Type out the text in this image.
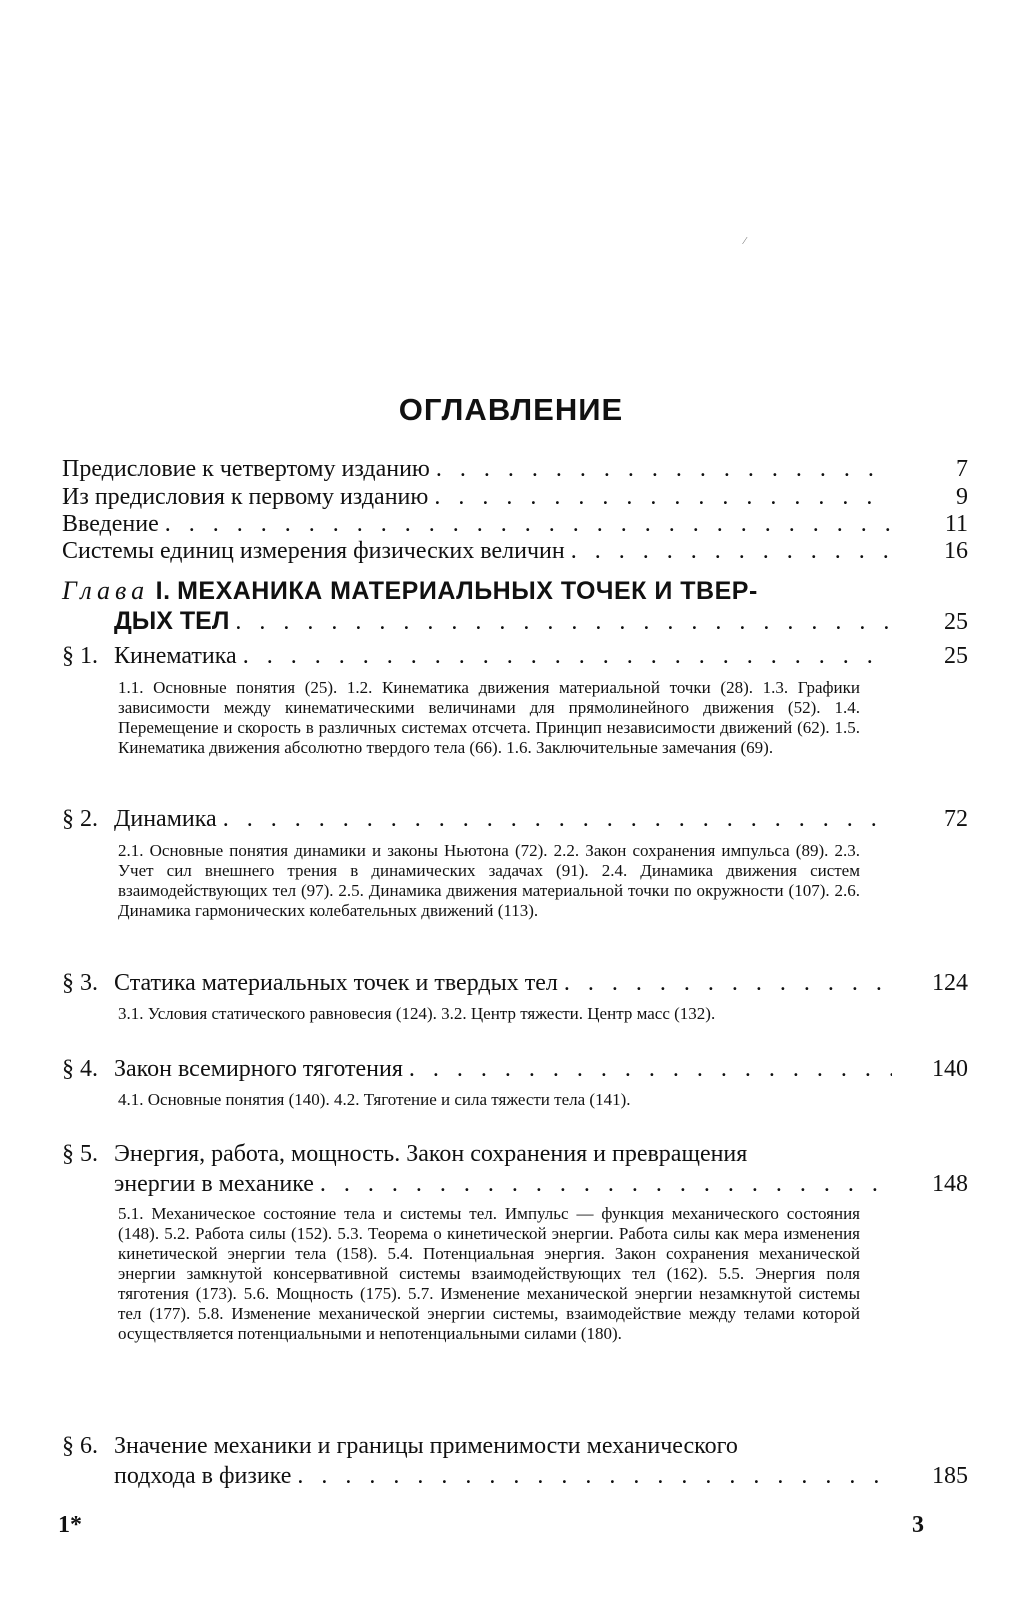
⁄
ОГЛАВЛЕНИЕ
Предисловие к четвертому изданию . . .	7
Из предисловия к первому изданию . . .	9
Введение . . .	11
Системы единиц измерения физических величин . . .	16
Глава I. МЕХАНИКА МАТЕРИАЛЬНЫХ ТОЧЕК И ТВЕР-
ДЫХ ТЕЛ . . .	25
§ 1. Кинематика . . .	25
1.1. Основные понятия (25). 1.2. Кинематика движения материальной точки (28). 1.3. Графики зависимости между кинематическими величинами для прямолинейного движения (52). 1.4. Перемещение и скорость в различных системах отсчета. Принцип независимости движений (62). 1.5. Кинематика движения абсолютно твердого тела (66). 1.6. Заключительные замечания (69).
§ 2. Динамика . . .	72
2.1. Основные понятия динамики и законы Ньютона (72). 2.2. Закон сохранения импульса (89). 2.3. Учет сил внешнего трения в динамических задачах (91). 2.4. Динамика движения систем взаимодействующих тел (97). 2.5. Динамика движения материальной точки по окружности (107). 2.6. Динамика гармонических колебательных движений (113).
§ 3. Статика материальных точек и твердых тел . . .	124
3.1. Условия статического равновесия (124). 3.2. Центр тяжести. Центр масс (132).
§ 4. Закон всемирного тяготения . . .	140
4.1. Основные понятия (140). 4.2. Тяготение и сила тяжести тела (141).
§ 5. Энергия, работа, мощность. Закон сохранения и превращения
энергии в механике . . .	148
5.1. Механическое состояние тела и системы тел. Импульс — функция механического состояния (148). 5.2. Работа силы (152). 5.3. Теорема о кинетической энергии. Работа силы как мера изменения кинетической энергии тела (158). 5.4. Потенциальная энергия. Закон сохранения механической энергии замкнутой консервативной системы взаимодействующих тел (162). 5.5. Энергия поля тяготения (173). 5.6. Мощность (175). 5.7. Изменение механической энергии незамкнутой системы тел (177). 5.8. Изменение механической энергии системы, взаимодействие между телами которой осуществляется потенциальными и непотенциальными силами (180).
§ 6. Значение механики и границы применимости механического
подхода в физике . . .	185
1*	3
